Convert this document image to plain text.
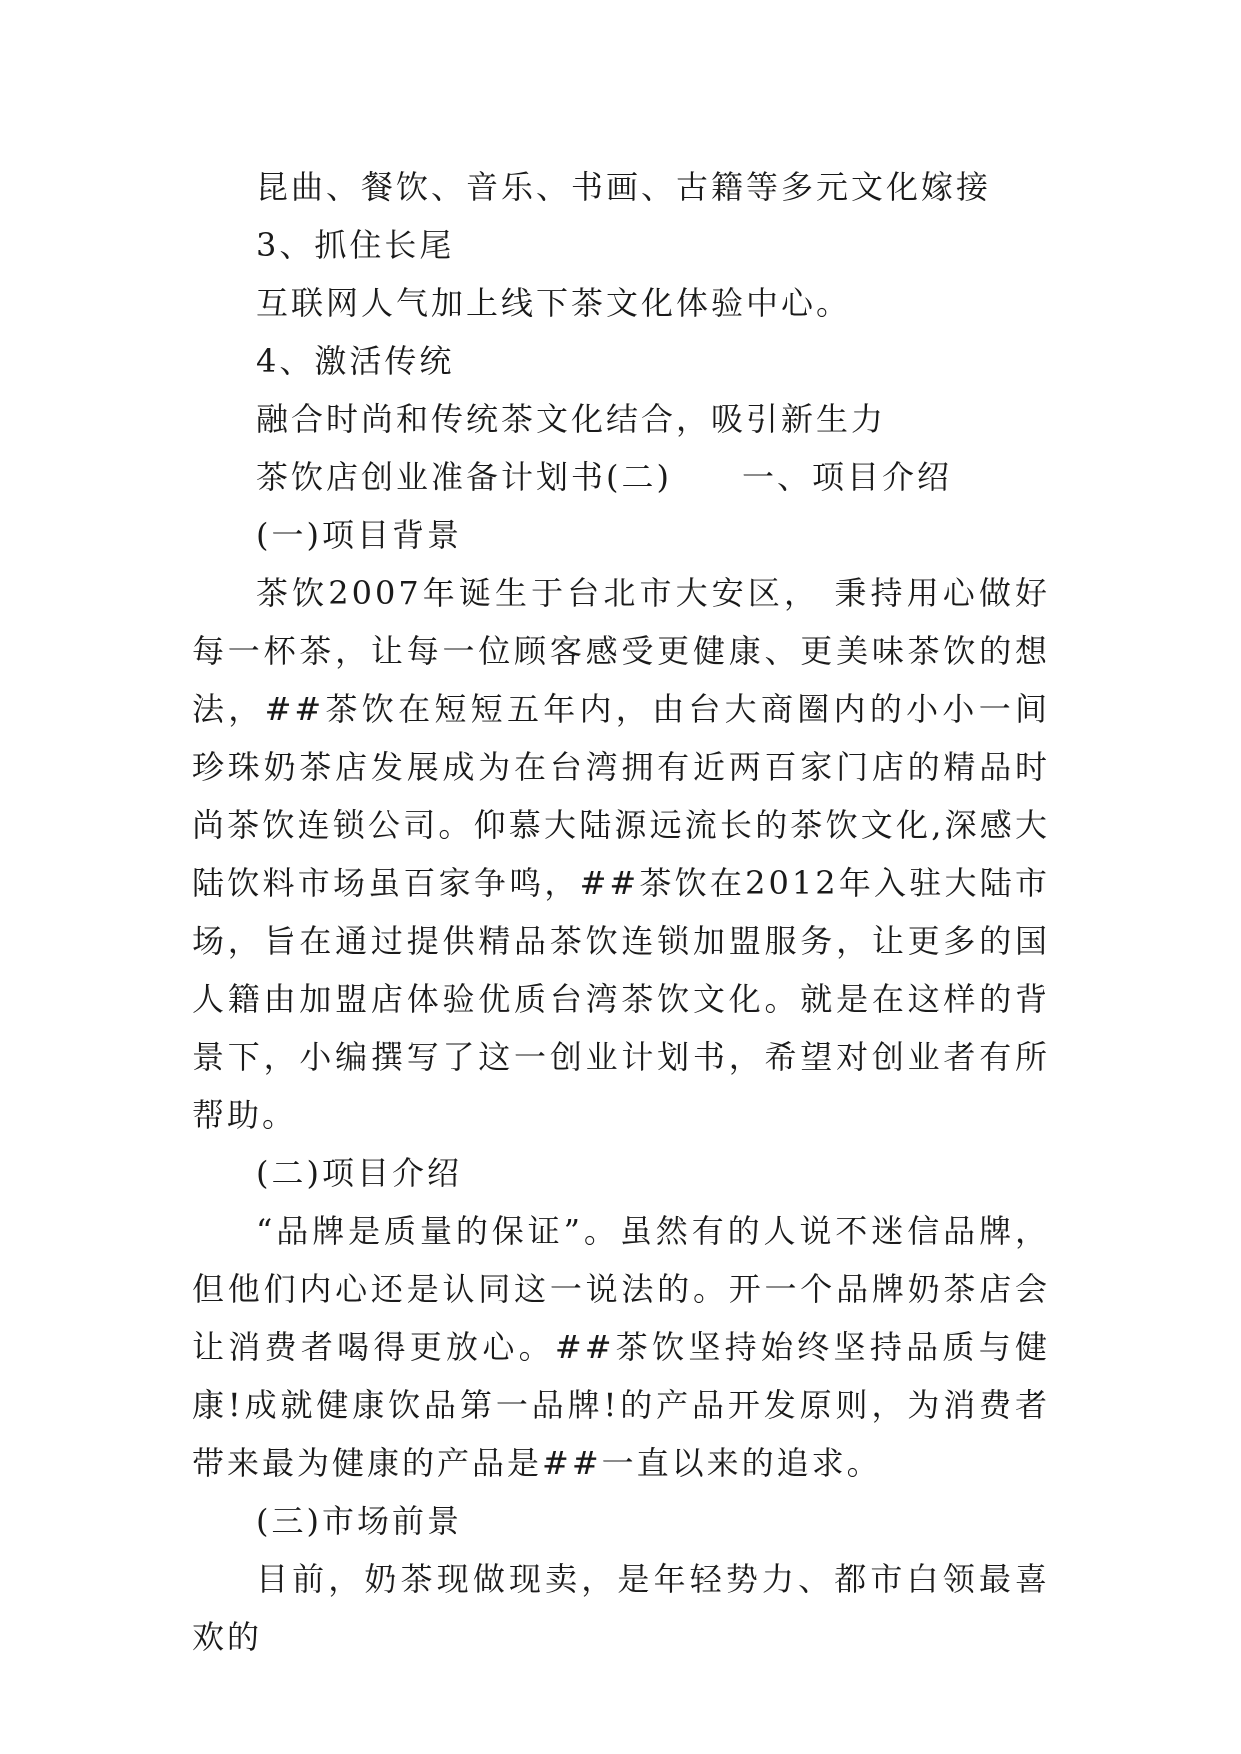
昆曲、餐饮、音乐、书画、古籍等多元文化嫁接

3、抓住长尾

互联网人气加上线下茶文化体验中心。

4、激活传统

融合时尚和传统茶文化结合，吸引新生力

茶饮店创业准备计划书(二)　　一、项目介绍

(一)项目背景

茶饮2007年诞生于台北市大安区， 秉持用心做好每一杯茶，让每一位顾客感受更健康、更美味茶饮的想法，##茶饮在短短五年内，由台大商圈内的小小一间珍珠奶茶店发展成为在台湾拥有近两百家门店的精品时尚茶饮连锁公司。仰慕大陆源远流长的茶饮文化,深感大陆饮料市场虽百家争鸣，##茶饮在2012年入驻大陆市场，旨在通过提供精品茶饮连锁加盟服务，让更多的国人籍由加盟店体验优质台湾茶饮文化。就是在这样的背景下，小编撰写了这一创业计划书，希望对创业者有所帮助。

(二)项目介绍

“品牌是质量的保证”。虽然有的人说不迷信品牌，但他们内心还是认同这一说法的。开一个品牌奶茶店会让消费者喝得更放心。##茶饮坚持始终坚持品质与健康!成就健康饮品第一品牌!的产品开发原则，为消费者带来最为健康的产品是##一直以来的追求。

(三)市场前景

目前，奶茶现做现卖，是年轻势力、都市白领最喜欢的
